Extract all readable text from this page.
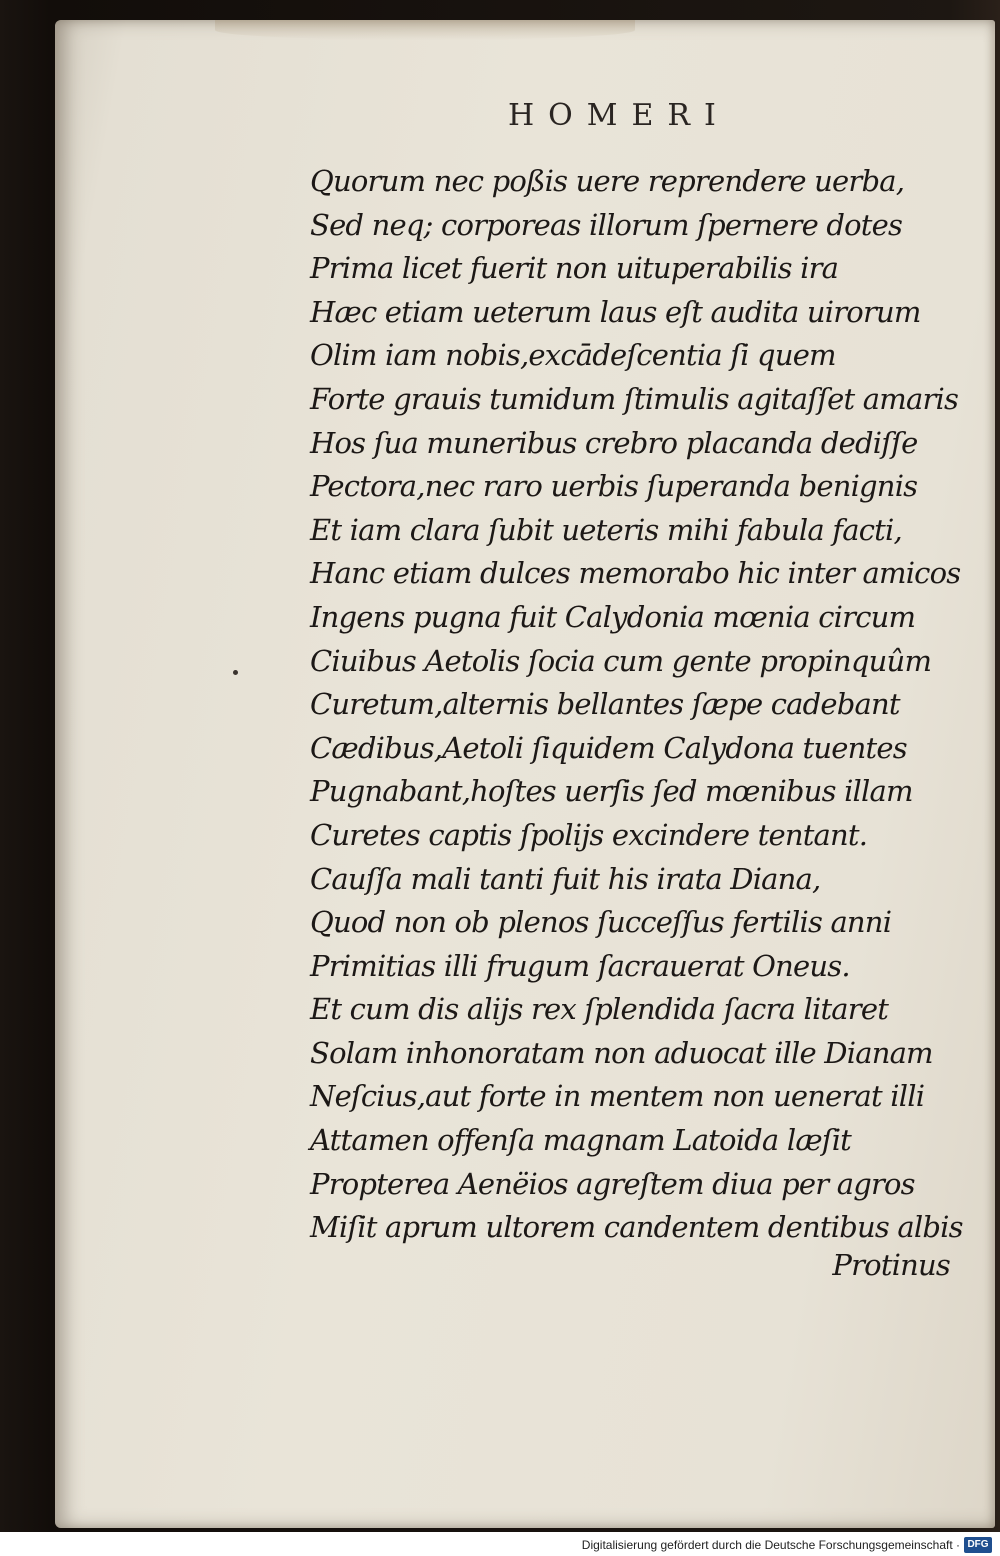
HOMERI
Quorum nec poßis uere reprendere uerba,
Sed neq; corporeas illorum ſpernere dotes
Prima licet fuerit non uituperabilis ira
Hæc etiam ueterum laus eſt audita uirorum
Olim iam nobis,excādeſcentia ſi quem
Forte grauis tumidum ſtimulis agitaſſet amaris
Hos ſua muneribus crebro placanda dediſſe
Pectora,nec raro uerbis ſuperanda benignis
Et iam clara ſubit ueteris mihi fabula facti,
Hanc etiam dulces memorabo hic inter amicos
Ingens pugna fuit Calydonia mœnia circum
Ciuibus Aetolis ſocia cum gente propinquûm
Curetum,alternis bellantes ſæpe cadebant
Cædibus,Aetoli ſiquidem Calydona tuentes
Pugnabant,hoſtes uerſis ſed mœnibus illam
Curetes captis ſpolijs excindere tentant.
Cauſſa mali tanti fuit his irata Diana,
Quod non ob plenos ſucceſſus fertilis anni
Primitias illi frugum ſacrauerat Oneus.
Et cum dis alijs rex ſplendida ſacra litaret
Solam inhonoratam non aduocat ille Dianam
Neſcius,aut forte in mentem non uenerat illi
Attamen offenſa magnam Latoida læſit
Propterea Aenëios agreſtem diua per agros
Miſit aprum ultorem candentem dentibus albis
Protinus
Digitalisierung gefördert durch die Deutsche Forschungsgemeinschaft · DFG
